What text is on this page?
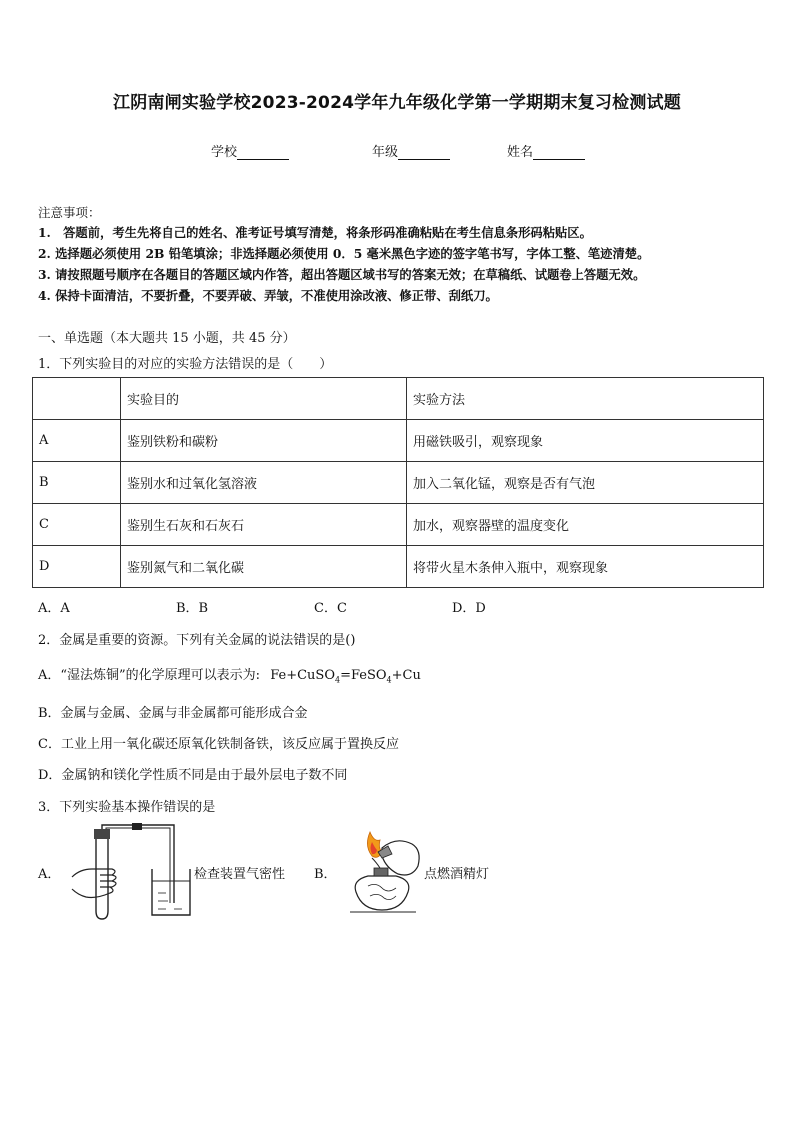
江阴南闸实验学校2023-2024学年九年级化学第一学期期末复习检测试题
学校	年级	姓名
注意事项：
1.　答题前，考生先将自己的姓名、准考证号填写清楚，将条形码准确粘贴在考生信息条形码粘贴区。
2. 选择题必须使用 2B 铅笔填涂；非选择题必须使用 0．5 毫米黑色字迹的签字笔书写，字体工整、笔迹清楚。
3. 请按照题号顺序在各题目的答题区域内作答，超出答题区域书写的答案无效；在草稿纸、试题卷上答题无效。
4. 保持卡面清洁，不要折叠，不要弄破、弄皱，不准使用涂改液、修正带、刮纸刀。
一、单选题（本大题共 15 小题，共 45 分）
1．下列实验目的对应的实验方法错误的是（　　）
	实验目的	实验方法
A	鉴别铁粉和碳粉	用磁铁吸引，观察现象
B	鉴别水和过氧化氢溶液	加入二氧化锰，观察是否有气泡
C	鉴别生石灰和石灰石	加水，观察器壁的温度变化
D	鉴别氮气和二氧化碳	将带火星木条伸入瓶中，观察现象
A．A	B．B	C．C	D．D
2．金属是重要的资源。下列有关金属的说法错误的是()
A．“湿法炼铜”的化学原理可以表示为: Fe+CuSO$_4$=FeSO$_4$+Cu
B．金属与金属、金属与非金属都可能形成合金
C．工业上用一氧化碳还原氧化铁制备铁，该反应属于置换反应
D．金属钠和镁化学性质不同是由于最外层电子数不同
3．下列实验基本操作错误的是
A．	检查装置气密性 B．	点燃酒精灯
